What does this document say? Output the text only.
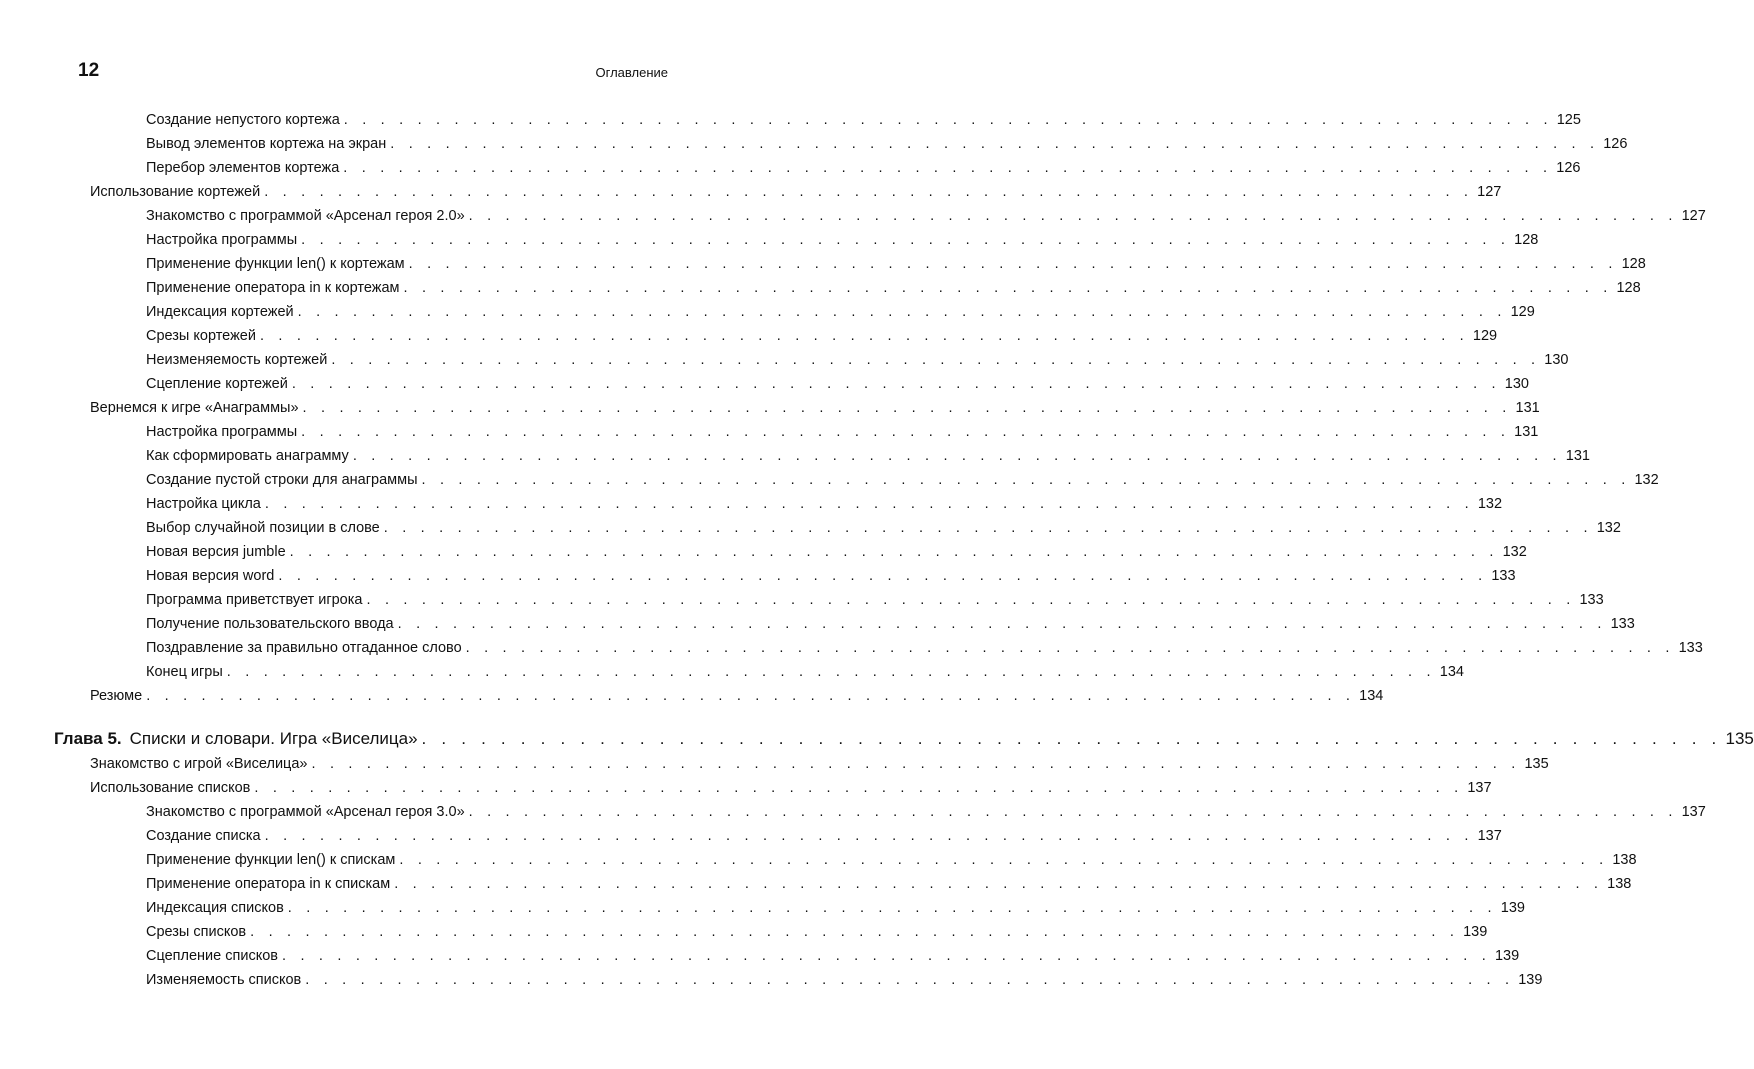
12	Оглавление
Создание непустого кортежа . . . . . . . . . . . . . . . . . . . . . . . . . . . . . . . . . . . . . . . . . . . . . . . . . . . . . . . . . . . . . . . . . . 125
Вывод элементов кортежа на экран . . . . . . . . . . . . . . . . . . . . . . . . . . . . . . . . . . . . . . . . . . . . . . . . . . . . . . . . . . . . . . . . . . 126
Перебор элементов кортежа . . . . . . . . . . . . . . . . . . . . . . . . . . . . . . . . . . . . . . . . . . . . . . . . . . . . . . . . . . . . . . . . . . 126
Использование кортежей . . . . . . . . . . . . . . . . . . . . . . . . . . . . . . . . . . . . . . . . . . . . . . . . . . . . . . . . . . . . . . . . . . 127
Знакомство с программой «Арсенал героя 2.0» . . . . . . . . . . . . . . . . . . . . . . . . . . . . . . . . . . . . . . . . . . . . . . . . . . . . . . . . . . . . . . . . . . 127
Настройка программы . . . . . . . . . . . . . . . . . . . . . . . . . . . . . . . . . . . . . . . . . . . . . . . . . . . . . . . . . . . . . . . . . . 128
Применение функции len() к кортежам . . . . . . . . . . . . . . . . . . . . . . . . . . . . . . . . . . . . . . . . . . . . . . . . . . . . . . . . . . . . . . . . . . 128
Применение оператора in к кортежам . . . . . . . . . . . . . . . . . . . . . . . . . . . . . . . . . . . . . . . . . . . . . . . . . . . . . . . . . . . . . . . . . . 128
Индексация кортежей . . . . . . . . . . . . . . . . . . . . . . . . . . . . . . . . . . . . . . . . . . . . . . . . . . . . . . . . . . . . . . . . . . 129
Срезы кортежей . . . . . . . . . . . . . . . . . . . . . . . . . . . . . . . . . . . . . . . . . . . . . . . . . . . . . . . . . . . . . . . . . . 129
Неизменяемость кортежей . . . . . . . . . . . . . . . . . . . . . . . . . . . . . . . . . . . . . . . . . . . . . . . . . . . . . . . . . . . . . . . . . . 130
Сцепление кортежей . . . . . . . . . . . . . . . . . . . . . . . . . . . . . . . . . . . . . . . . . . . . . . . . . . . . . . . . . . . . . . . . . . 130
Вернемся к игре «Анаграммы» . . . . . . . . . . . . . . . . . . . . . . . . . . . . . . . . . . . . . . . . . . . . . . . . . . . . . . . . . . . . . . . . . . 131
Настройка программы . . . . . . . . . . . . . . . . . . . . . . . . . . . . . . . . . . . . . . . . . . . . . . . . . . . . . . . . . . . . . . . . . . 131
Как сформировать анаграмму . . . . . . . . . . . . . . . . . . . . . . . . . . . . . . . . . . . . . . . . . . . . . . . . . . . . . . . . . . . . . . . . . . 131
Создание пустой строки для анаграммы . . . . . . . . . . . . . . . . . . . . . . . . . . . . . . . . . . . . . . . . . . . . . . . . . . . . . . . . . . . . . . . . . . 132
Настройка цикла . . . . . . . . . . . . . . . . . . . . . . . . . . . . . . . . . . . . . . . . . . . . . . . . . . . . . . . . . . . . . . . . . . 132
Выбор случайной позиции в слове . . . . . . . . . . . . . . . . . . . . . . . . . . . . . . . . . . . . . . . . . . . . . . . . . . . . . . . . . . . . . . . . . . 132
Новая версия jumble . . . . . . . . . . . . . . . . . . . . . . . . . . . . . . . . . . . . . . . . . . . . . . . . . . . . . . . . . . . . . . . . . . 132
Новая версия word . . . . . . . . . . . . . . . . . . . . . . . . . . . . . . . . . . . . . . . . . . . . . . . . . . . . . . . . . . . . . . . . . . 133
Программа приветствует игрока . . . . . . . . . . . . . . . . . . . . . . . . . . . . . . . . . . . . . . . . . . . . . . . . . . . . . . . . . . . . . . . . . . 133
Получение пользовательского ввода . . . . . . . . . . . . . . . . . . . . . . . . . . . . . . . . . . . . . . . . . . . . . . . . . . . . . . . . . . . . . . . . . . 133
Поздравление за правильно отгаданное слово . . . . . . . . . . . . . . . . . . . . . . . . . . . . . . . . . . . . . . . . . . . . . . . . . . . . . . . . . . . . . . . . . . 133
Конец игры . . . . . . . . . . . . . . . . . . . . . . . . . . . . . . . . . . . . . . . . . . . . . . . . . . . . . . . . . . . . . . . . . . 134
Резюме . . . . . . . . . . . . . . . . . . . . . . . . . . . . . . . . . . . . . . . . . . . . . . . . . . . . . . . . . . . . . . . . . . 134
Глава 5. Списки и словари. Игра «Виселица» . . . . . . . . . . . . . . . . . . . . . . . . . . . . . . . . . . . . . . . . . . . . . . . . . . . . . . . . . . . . . . . . . . 135
Знакомство с игрой «Виселица» . . . . . . . . . . . . . . . . . . . . . . . . . . . . . . . . . . . . . . . . . . . . . . . . . . . . . . . . . . . . . . . . . . 135
Использование списков . . . . . . . . . . . . . . . . . . . . . . . . . . . . . . . . . . . . . . . . . . . . . . . . . . . . . . . . . . . . . . . . . . 137
Знакомство с программой «Арсенал героя 3.0» . . . . . . . . . . . . . . . . . . . . . . . . . . . . . . . . . . . . . . . . . . . . . . . . . . . . . . . . . . . . . . . . . . 137
Создание списка . . . . . . . . . . . . . . . . . . . . . . . . . . . . . . . . . . . . . . . . . . . . . . . . . . . . . . . . . . . . . . . . . . 137
Применение функции len() к спискам . . . . . . . . . . . . . . . . . . . . . . . . . . . . . . . . . . . . . . . . . . . . . . . . . . . . . . . . . . . . . . . . . . 138
Применение оператора in к спискам . . . . . . . . . . . . . . . . . . . . . . . . . . . . . . . . . . . . . . . . . . . . . . . . . . . . . . . . . . . . . . . . . . 138
Индексация списков . . . . . . . . . . . . . . . . . . . . . . . . . . . . . . . . . . . . . . . . . . . . . . . . . . . . . . . . . . . . . . . . . . 139
Срезы списков . . . . . . . . . . . . . . . . . . . . . . . . . . . . . . . . . . . . . . . . . . . . . . . . . . . . . . . . . . . . . . . . . . 139
Сцепление списков . . . . . . . . . . . . . . . . . . . . . . . . . . . . . . . . . . . . . . . . . . . . . . . . . . . . . . . . . . . . . . . . . . 139
Изменяемость списков . . . . . . . . . . . . . . . . . . . . . . . . . . . . . . . . . . . . . . . . . . . . . . . . . . . . . . . . . . . . . . . . . . 139
